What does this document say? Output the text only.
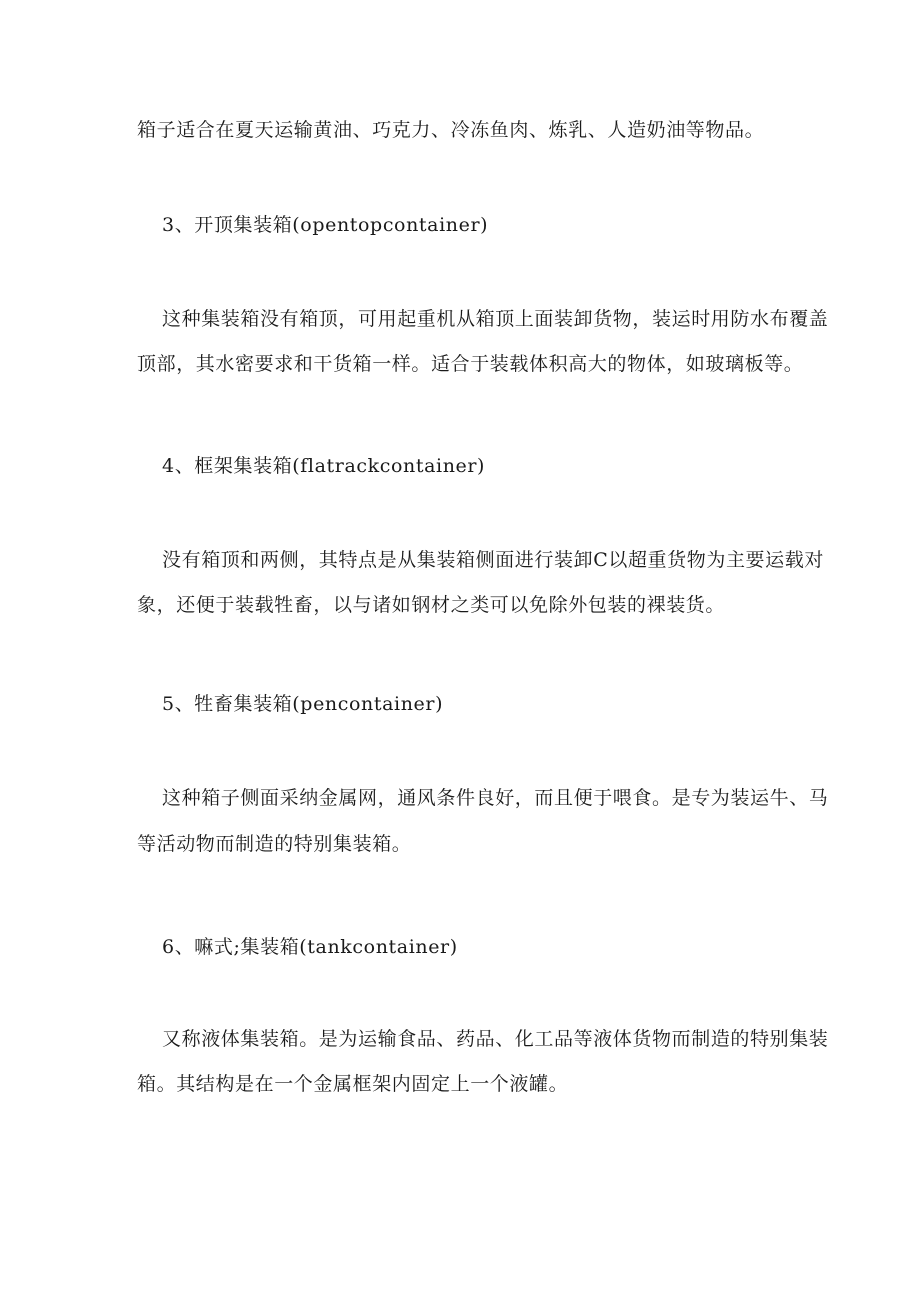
箱子适合在夏天运输黄油、巧克力、冷冻鱼肉、炼乳、人造奶油等物品。
3、开顶集装箱(opentopcontainer)
这种集装箱没有箱顶，可用起重机从箱顶上面装卸货物，装运时用防水布覆盖
顶部，其水密要求和干货箱一样。适合于装载体积高大的物体，如玻璃板等。
4、框架集装箱(flatrackcontainer)
没有箱顶和两侧，其特点是从集装箱侧面进行装卸C以超重货物为主要运载对
象，还便于装载牲畜，以与诸如钢材之类可以免除外包装的裸装货。
5、牲畜集装箱(pencontainer)
这种箱子侧面采纳金属网，通风条件良好，而且便于喂食。是专为装运牛、马
等活动物而制造的特别集装箱。
6、嘛式;集装箱(tankcontainer)
又称液体集装箱。是为运输食品、药品、化工品等液体货物而制造的特别集装
箱。其结构是在一个金属框架内固定上一个液罐。
